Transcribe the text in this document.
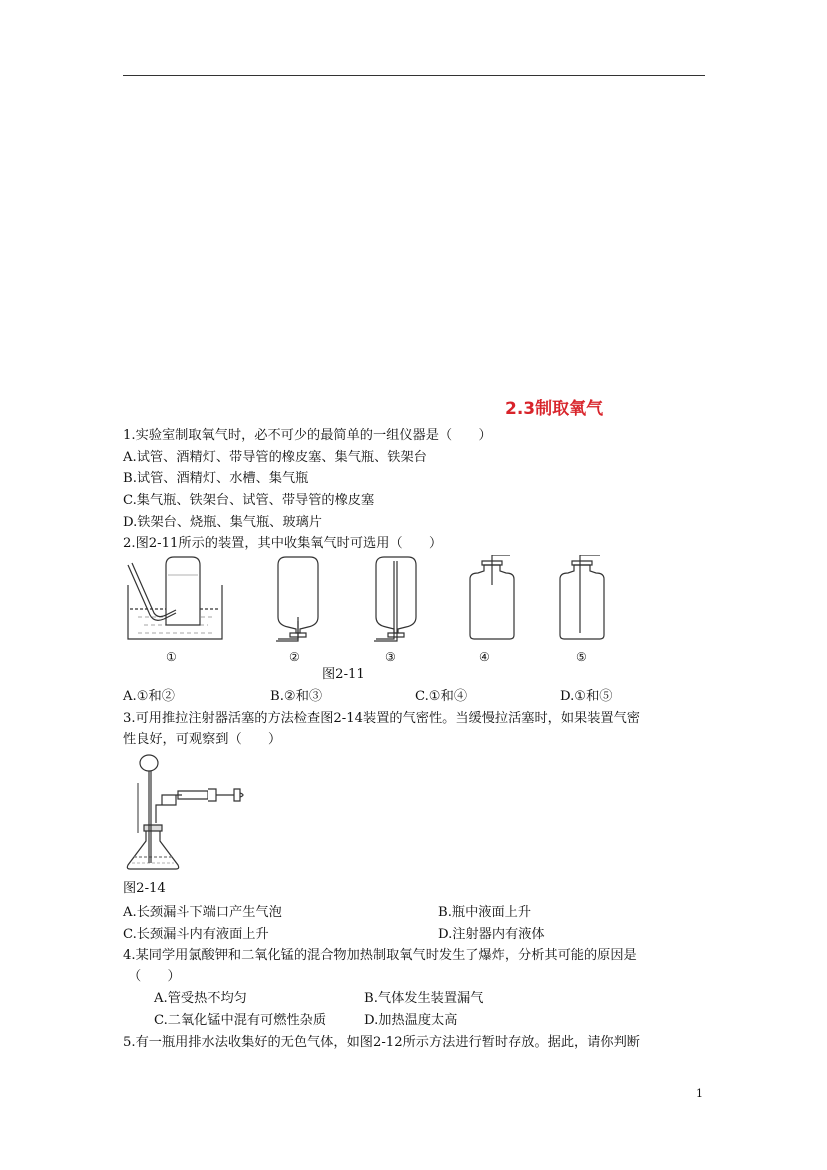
2.3制取氧气
1.实验室制取氧气时，必不可少的最简单的一组仪器是（　　）
A.试管、酒精灯、带导管的橡皮塞、集气瓶、铁架台
B.试管、酒精灯、水槽、集气瓶
C.集气瓶、铁架台、试管、带导管的橡皮塞
D.铁架台、烧瓶、集气瓶、玻璃片
2.图2-11所示的装置，其中收集氧气时可选用（　　）
①	②	③	④	⑤
图2-11
A.①和②	B.②和③	C.①和④	D.①和⑤
3.可用推拉注射器活塞的方法检查图2-14装置的气密性。当缓慢拉活塞时，如果装置气密
性良好，可观察到（　　）
图2-14
A.长颈漏斗下端口产生气泡	B.瓶中液面上升
C.长颈漏斗内有液面上升	D.注射器内有液体
4.某同学用氯酸钾和二氧化锰的混合物加热制取氧气时发生了爆炸，分析其可能的原因是
（　　）
A.管受热不均匀	B.气体发生装置漏气
C.二氧化锰中混有可燃性杂质	D.加热温度太高
5.有一瓶用排水法收集好的无色气体，如图2-12所示方法进行暂时存放。据此，请你判断
1
